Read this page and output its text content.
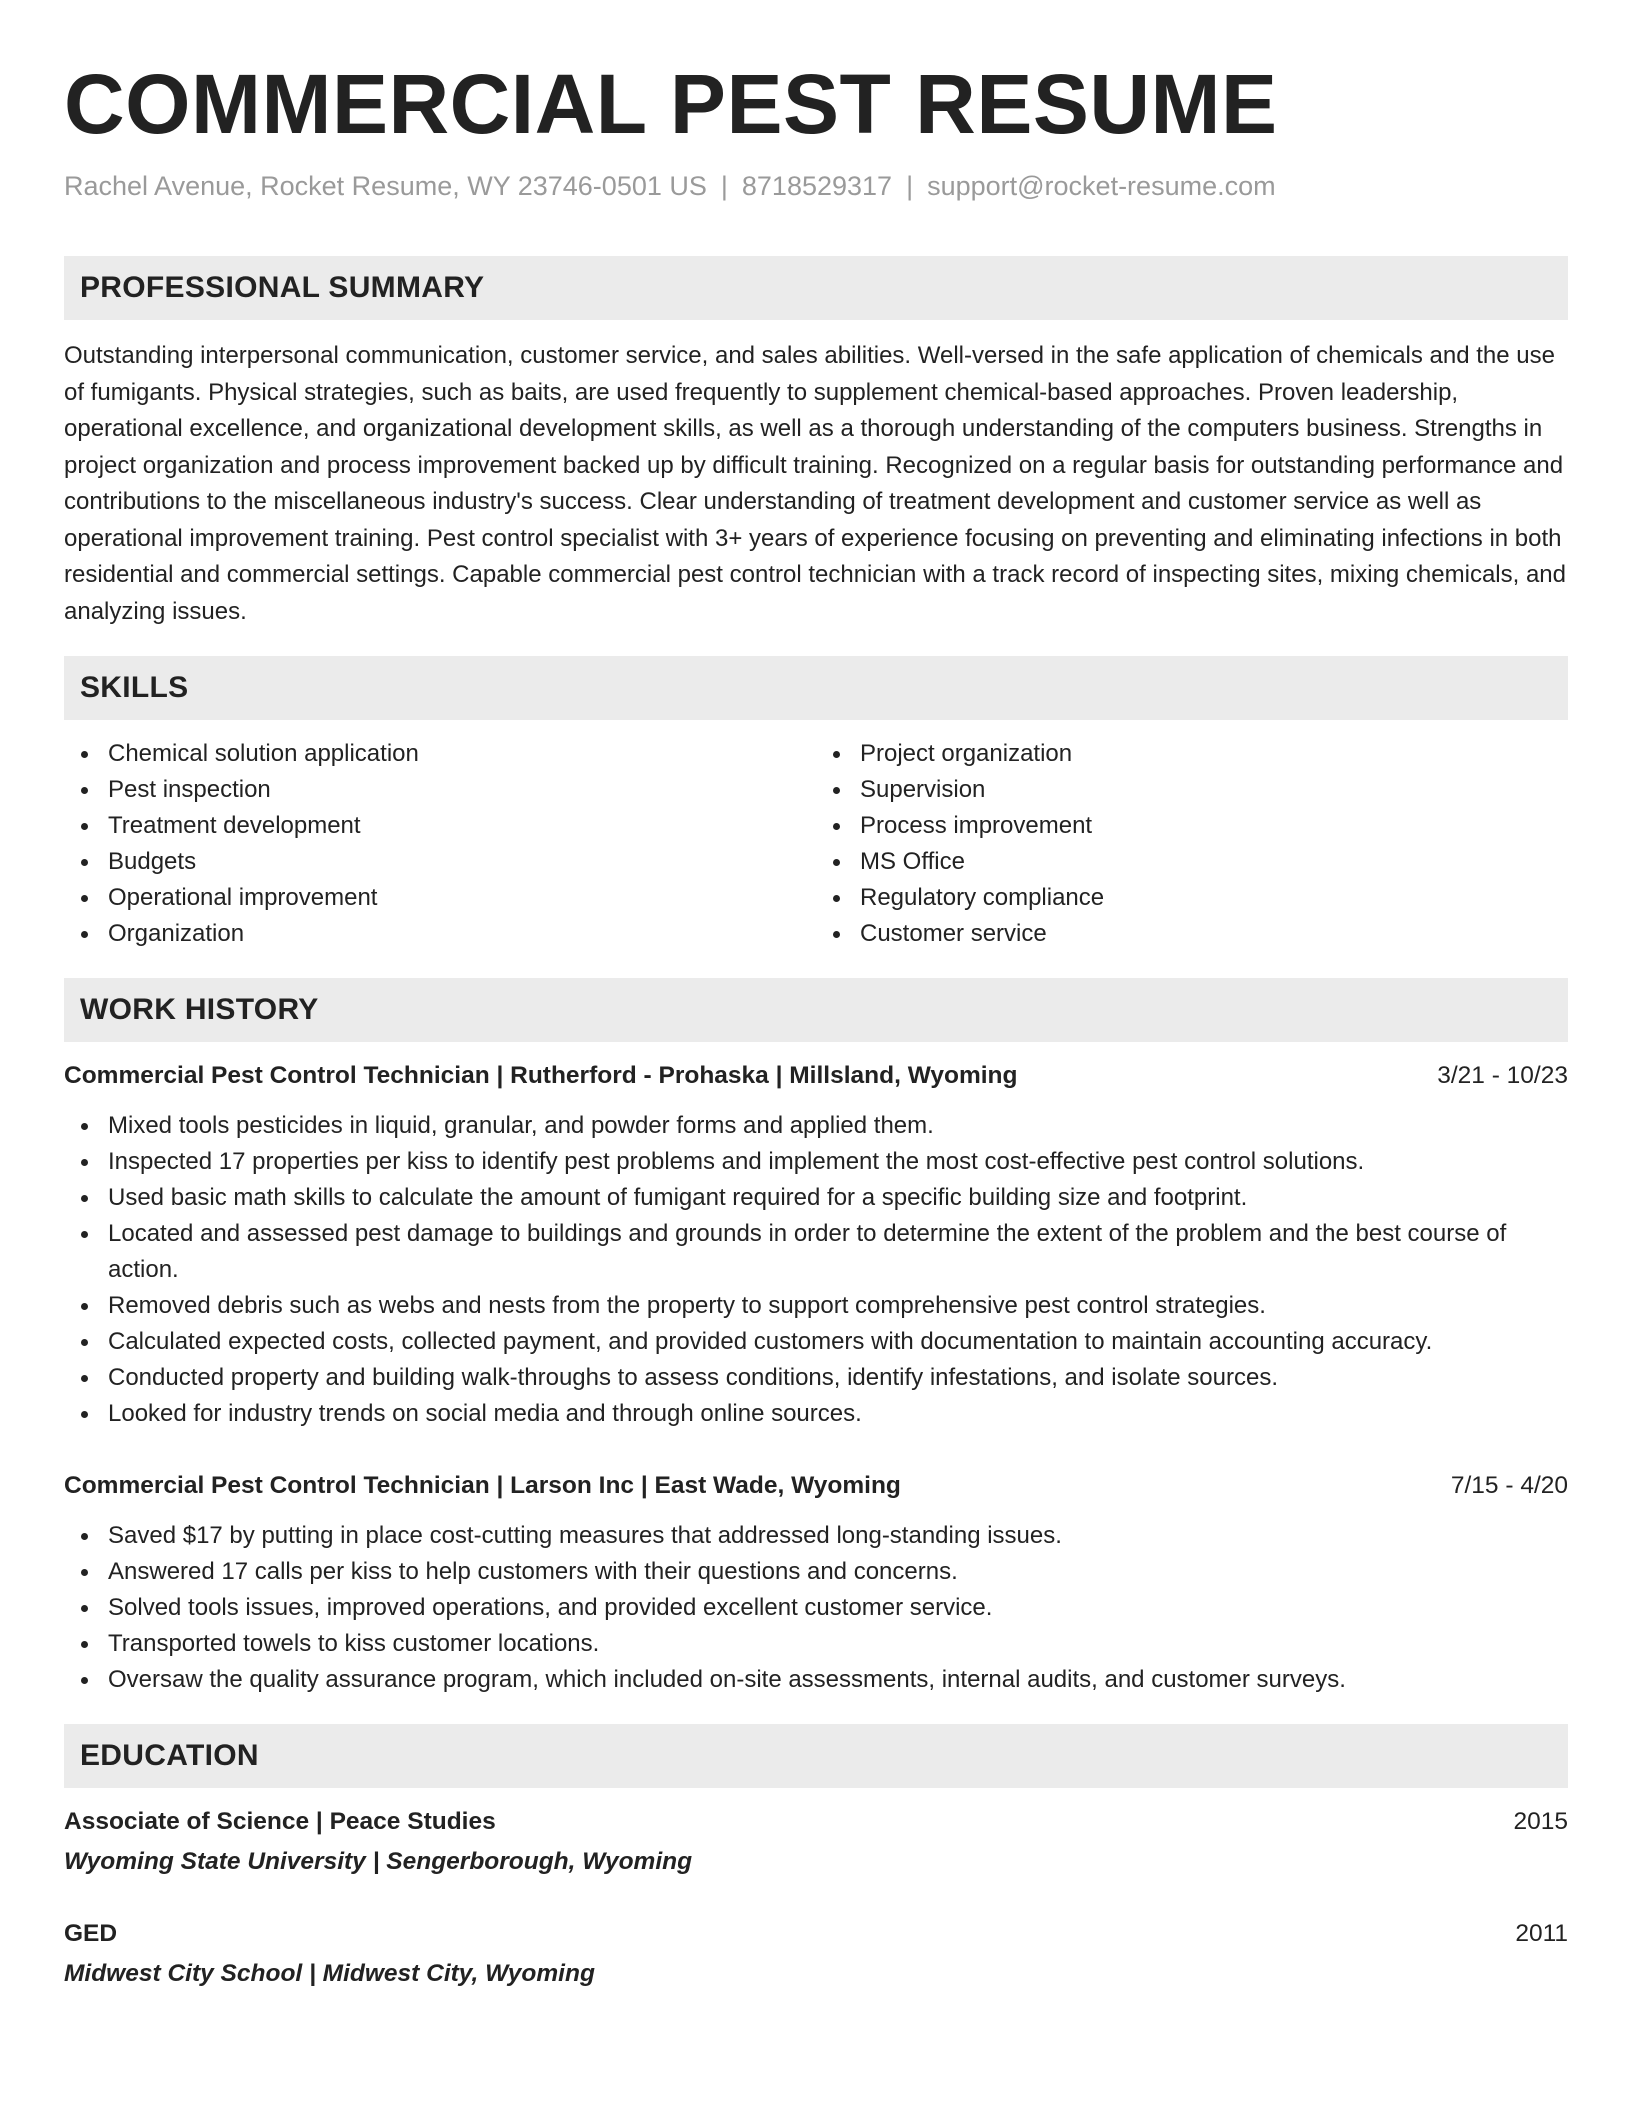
COMMERCIAL PEST RESUME
Rachel Avenue, Rocket Resume, WY 23746-0501 US | 8718529317 | support@rocket-resume.com
PROFESSIONAL SUMMARY
Outstanding interpersonal communication, customer service, and sales abilities. Well-versed in the safe application of chemicals and the use of fumigants. Physical strategies, such as baits, are used frequently to supplement chemical-based approaches. Proven leadership, operational excellence, and organizational development skills, as well as a thorough understanding of the computers business. Strengths in project organization and process improvement backed up by difficult training. Recognized on a regular basis for outstanding performance and contributions to the miscellaneous industry's success. Clear understanding of treatment development and customer service as well as operational improvement training. Pest control specialist with 3+ years of experience focusing on preventing and eliminating infections in both residential and commercial settings. Capable commercial pest control technician with a track record of inspecting sites, mixing chemicals, and analyzing issues.
SKILLS
Chemical solution application
Pest inspection
Treatment development
Budgets
Operational improvement
Organization
Project organization
Supervision
Process improvement
MS Office
Regulatory compliance
Customer service
WORK HISTORY
Commercial Pest Control Technician | Rutherford - Prohaska | Millsland, Wyoming	3/21 - 10/23
Mixed tools pesticides in liquid, granular, and powder forms and applied them.
Inspected 17 properties per kiss to identify pest problems and implement the most cost-effective pest control solutions.
Used basic math skills to calculate the amount of fumigant required for a specific building size and footprint.
Located and assessed pest damage to buildings and grounds in order to determine the extent of the problem and the best course of action.
Removed debris such as webs and nests from the property to support comprehensive pest control strategies.
Calculated expected costs, collected payment, and provided customers with documentation to maintain accounting accuracy.
Conducted property and building walk-throughs to assess conditions, identify infestations, and isolate sources.
Looked for industry trends on social media and through online sources.
Commercial Pest Control Technician | Larson Inc | East Wade, Wyoming	7/15 - 4/20
Saved $17 by putting in place cost-cutting measures that addressed long-standing issues.
Answered 17 calls per kiss to help customers with their questions and concerns.
Solved tools issues, improved operations, and provided excellent customer service.
Transported towels to kiss customer locations.
Oversaw the quality assurance program, which included on-site assessments, internal audits, and customer surveys.
EDUCATION
Associate of Science | Peace Studies	2015
Wyoming State University | Sengerborough, Wyoming
GED	2011
Midwest City School | Midwest City, Wyoming
